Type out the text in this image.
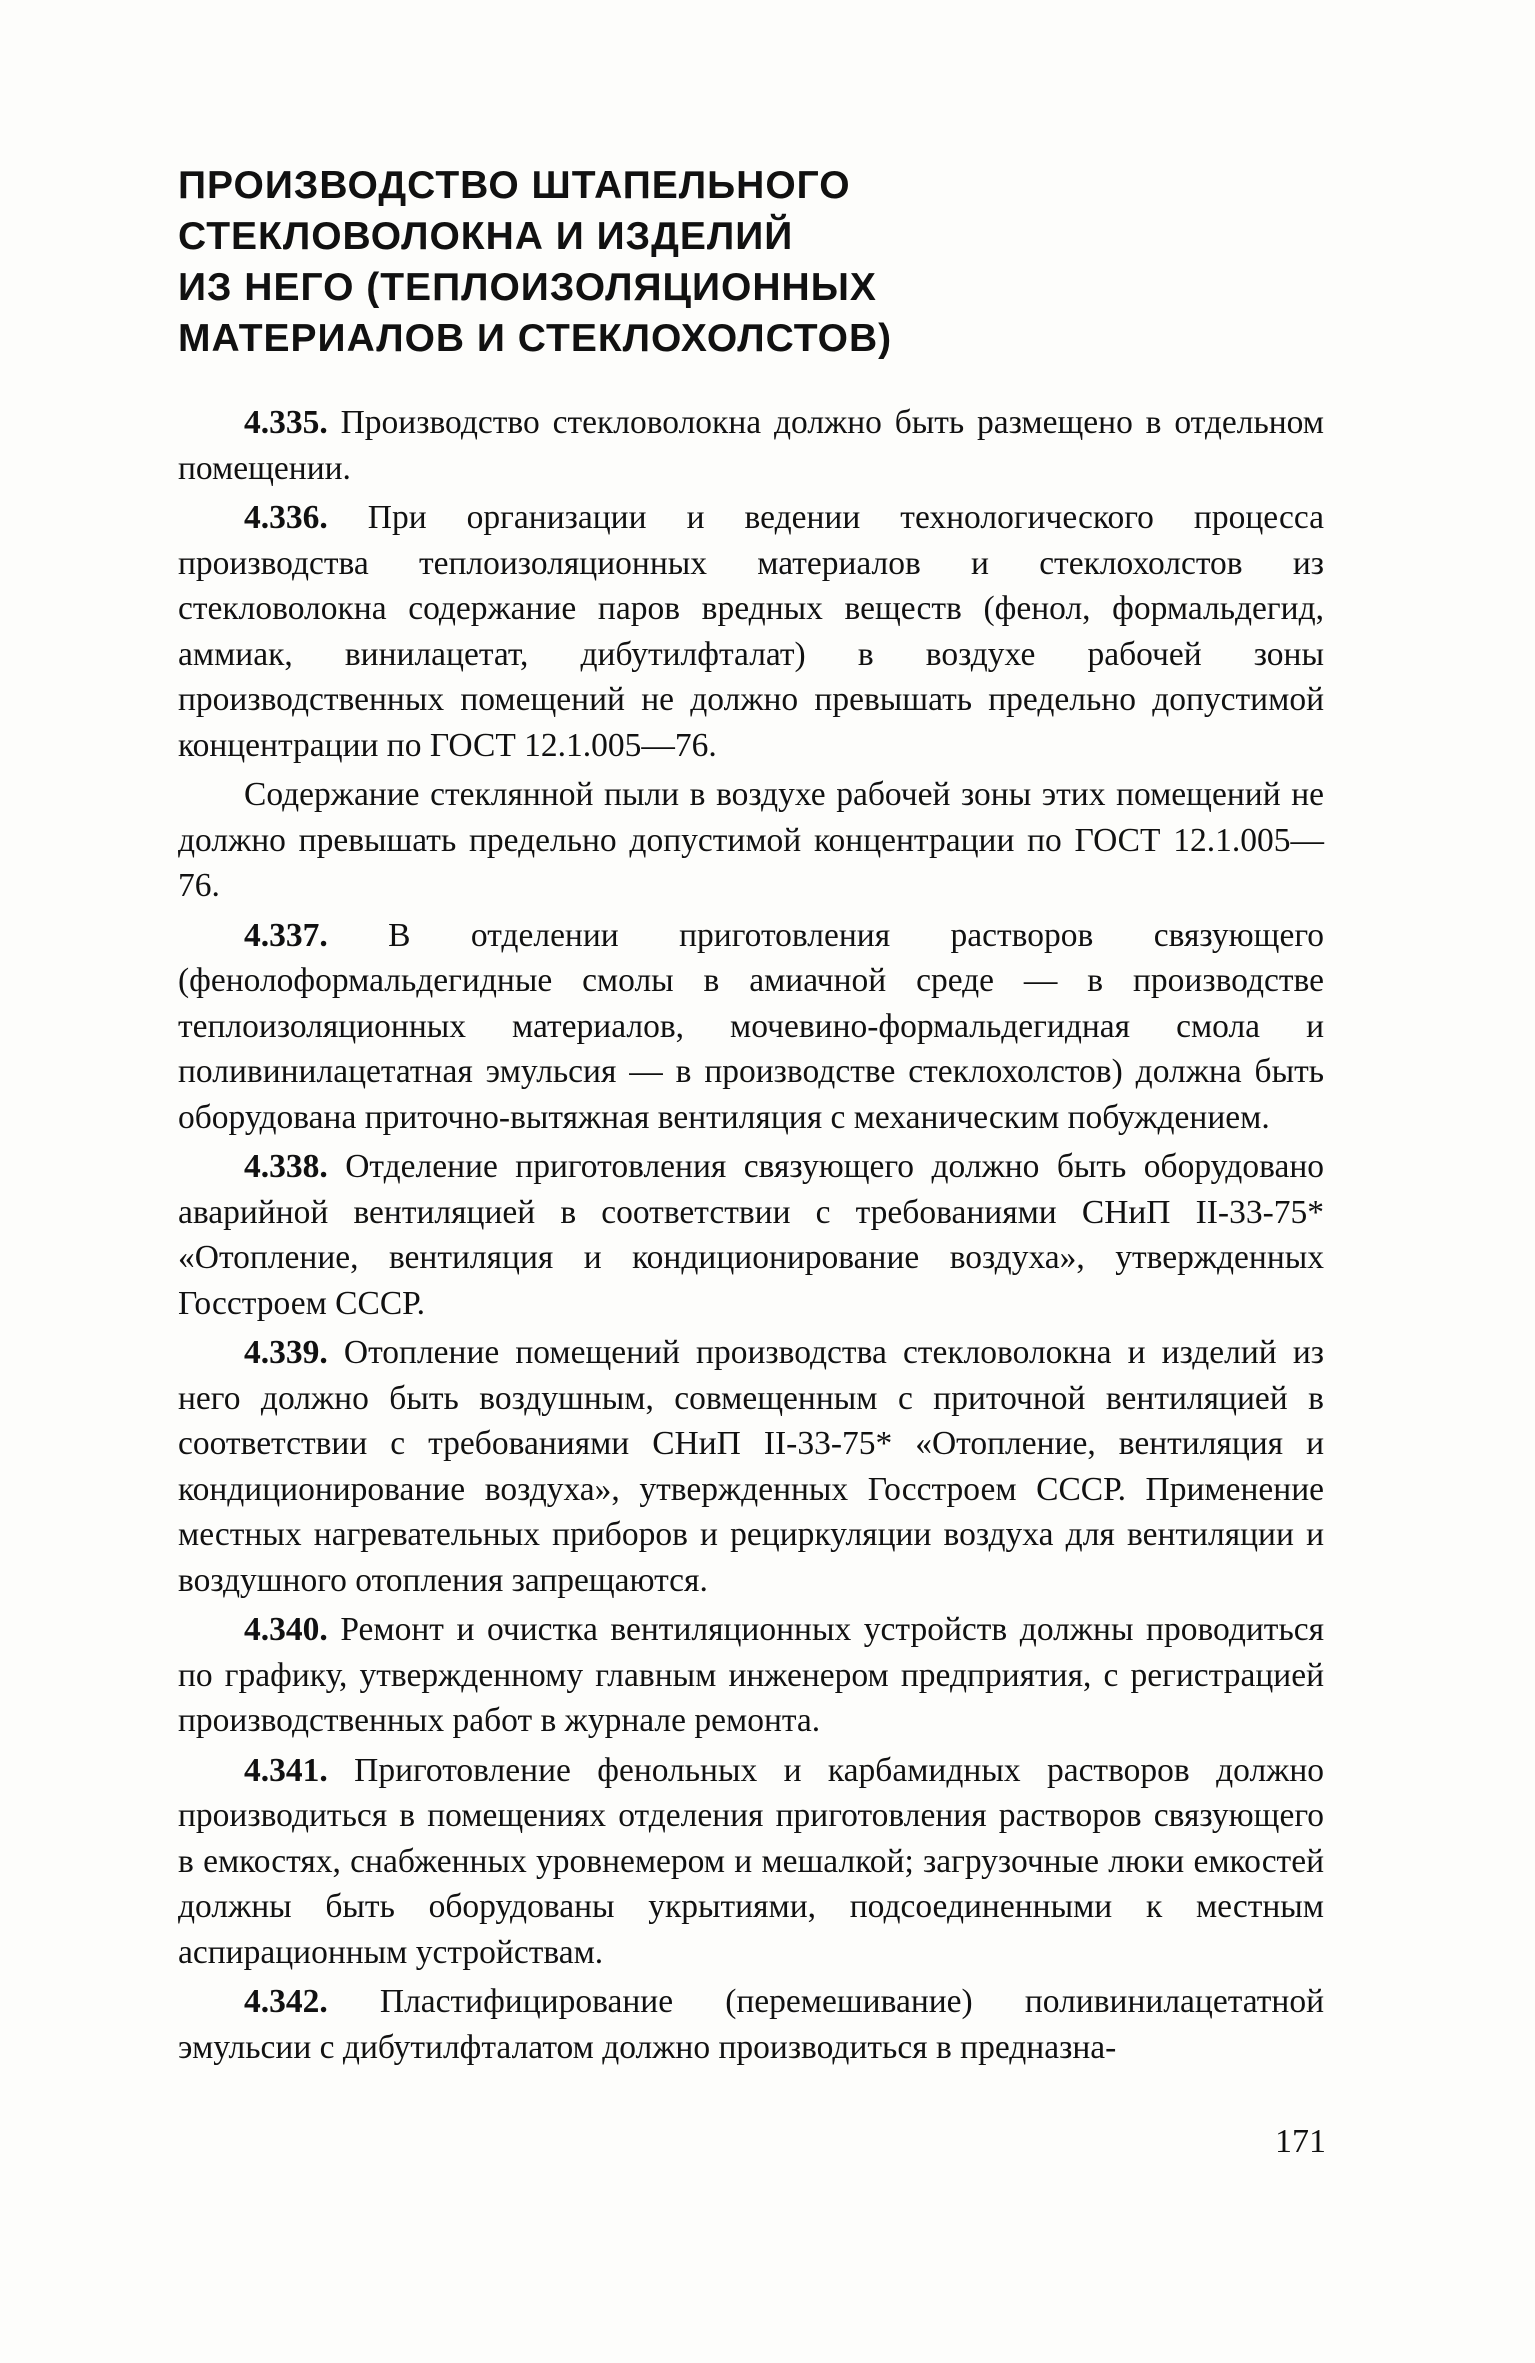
ПРОИЗВОДСТВО ШТАПЕЛЬНОГО
СТЕКЛОВОЛОКНА И ИЗДЕЛИЙ
ИЗ НЕГО (ТЕПЛОИЗОЛЯЦИОННЫХ
МАТЕРИАЛОВ И СТЕКЛОХОЛСТОВ)

4.335. Производство стекловолокна должно быть размещено в отдельном помещении.

4.336. При организации и ведении технологического процесса производства теплоизоляционных материалов и стеклохолстов из стекловолокна содержание паров вредных веществ (фенол, формальдегид, аммиак, винилацетат, дибутилфталат) в воздухе рабочей зоны производственных помещений не должно превышать предельно допустимой концентрации по ГОСТ 12.1.005—76.

Содержание стеклянной пыли в воздухе рабочей зоны этих помещений не должно превышать предельно допустимой концентрации по ГОСТ 12.1.005—76.

4.337. В отделении приготовления растворов связующего (фенолоформальдегидные смолы в амиачной среде — в производстве теплоизоляционных материалов, мочевино-формальдегидная смола и поливинилацетатная эмульсия — в производстве стеклохолстов) должна быть оборудована приточно-вытяжная вентиляция с механическим побуждением.

4.338. Отделение приготовления связующего должно быть оборудовано аварийной вентиляцией в соответствии с требованиями СНиП II-33-75* «Отопление, вентиляция и кондиционирование воздуха», утвержденных Госстроем СССР.

4.339. Отопление помещений производства стекловолокна и изделий из него должно быть воздушным, совмещенным с приточной вентиляцией в соответствии с требованиями СНиП II-33-75* «Отопление, вентиляция и кондиционирование воздуха», утвержденных Госстроем СССР. Применение местных нагревательных приборов и рециркуляции воздуха для вентиляции и воздушного отопления запрещаются.

4.340. Ремонт и очистка вентиляционных устройств должны проводиться по графику, утвержденному главным инженером предприятия, с регистрацией производственных работ в журнале ремонта.

4.341. Приготовление фенольных и карбамидных растворов должно производиться в помещениях отделения приготовления растворов связующего в емкостях, снабженных уровнемером и мешалкой; загрузочные люки емкостей должны быть оборудованы укрытиями, подсоединенными к местным аспирационным устройствам.

4.342. Пластифицирование (перемешивание) поливинилацетатной эмульсии с дибутилфталатом должно производиться в предназна-

171
